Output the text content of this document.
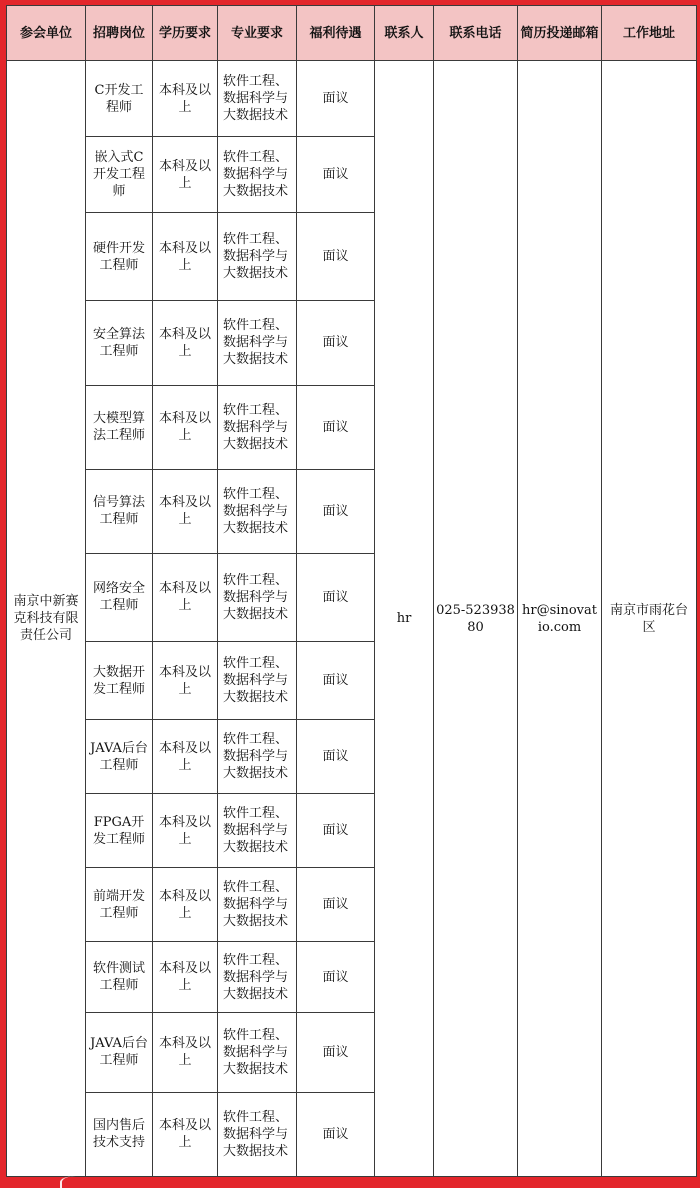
参会单位	招聘岗位	学历要求	专业要求	福利待遇	联系人	联系电话	简历投递邮箱	工作地址
南京中新赛克科技有限责任公司	C开发工程师	本科及以上	软件工程、数据科学与大数据技术	面议	hr	025-52393880	hr@sinovatio.com	南京市雨花台区
	嵌入式C开发工程师	本科及以上	软件工程、数据科学与大数据技术	面议				
	硬件开发工程师	本科及以上	软件工程、数据科学与大数据技术	面议				
	安全算法工程师	本科及以上	软件工程、数据科学与大数据技术	面议				
	大模型算法工程师	本科及以上	软件工程、数据科学与大数据技术	面议				
	信号算法工程师	本科及以上	软件工程、数据科学与大数据技术	面议				
	网络安全工程师	本科及以上	软件工程、数据科学与大数据技术	面议				
	大数据开发工程师	本科及以上	软件工程、数据科学与大数据技术	面议				
	JAVA后台工程师	本科及以上	软件工程、数据科学与大数据技术	面议				
	FPGA开发工程师	本科及以上	软件工程、数据科学与大数据技术	面议				
	前端开发工程师	本科及以上	软件工程、数据科学与大数据技术	面议				
	软件测试工程师	本科及以上	软件工程、数据科学与大数据技术	面议				
	JAVA后台工程师	本科及以上	软件工程、数据科学与大数据技术	面议				
	国内售后技术支持	本科及以上	软件工程、数据科学与大数据技术	面议				
